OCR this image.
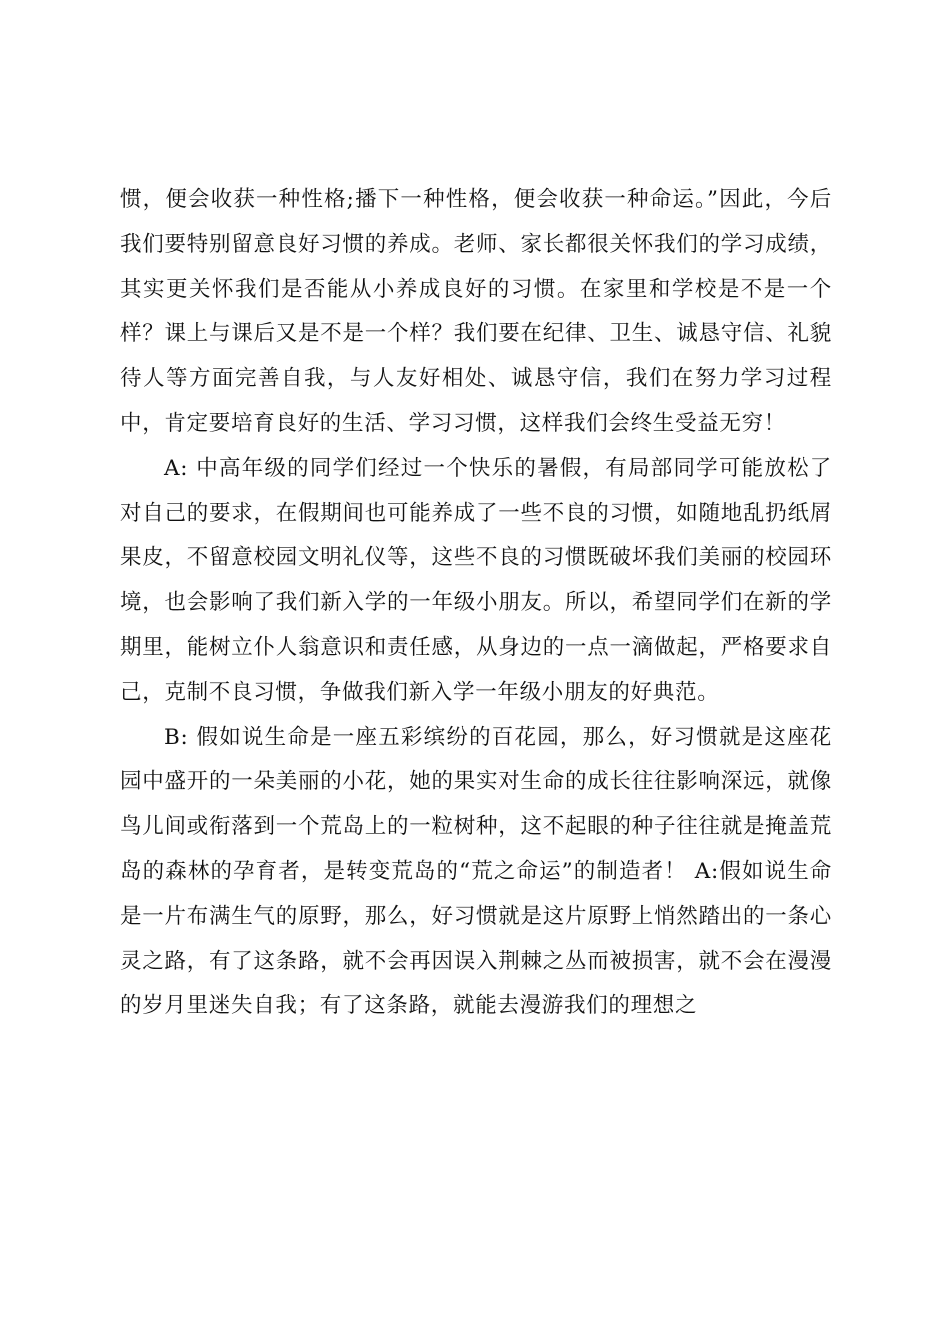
惯，便会收获一种性格;播下一种性格，便会收获一种命运。”因此，今后我们要特别留意良好习惯的养成。老师、家长都很关怀我们的学习成绩，其实更关怀我们是否能从小养成良好的习惯。在家里和学校是不是一个样？课上与课后又是不是一个样？我们要在纪律、卫生、诚恳守信、礼貌待人等方面完善自我，与人友好相处、诚恳守信，我们在努力学习过程中，肯定要培育良好的生活、学习习惯，这样我们会终生受益无穷！

A: 中高年级的同学们经过一个快乐的暑假，有局部同学可能放松了对自己的要求，在假期间也可能养成了一些不良的习惯，如随地乱扔纸屑果皮，不留意校园文明礼仪等，这些不良的习惯既破坏我们美丽的校园环境，也会影响了我们新入学的一年级小朋友。所以，希望同学们在新的学期里，能树立仆人翁意识和责任感，从身边的一点一滴做起，严格要求自己，克制不良习惯，争做我们新入学一年级小朋友的好典范。

B: 假如说生命是一座五彩缤纷的百花园，那么，好习惯就是这座花园中盛开的一朵美丽的小花，她的果实对生命的成长往往影响深远，就像鸟儿间或衔落到一个荒岛上的一粒树种，这不起眼的种子往往就是掩盖荒岛的森林的孕育者，是转变荒岛的“荒之命运”的制造者！ A:假如说生命是一片布满生气的原野，那么，好习惯就是这片原野上悄然踏出的一条心灵之路，有了这条路，就不会再因误入荆棘之丛而被损害，就不会在漫漫的岁月里迷失自我；有了这条路，就能去漫游我们的理想之
